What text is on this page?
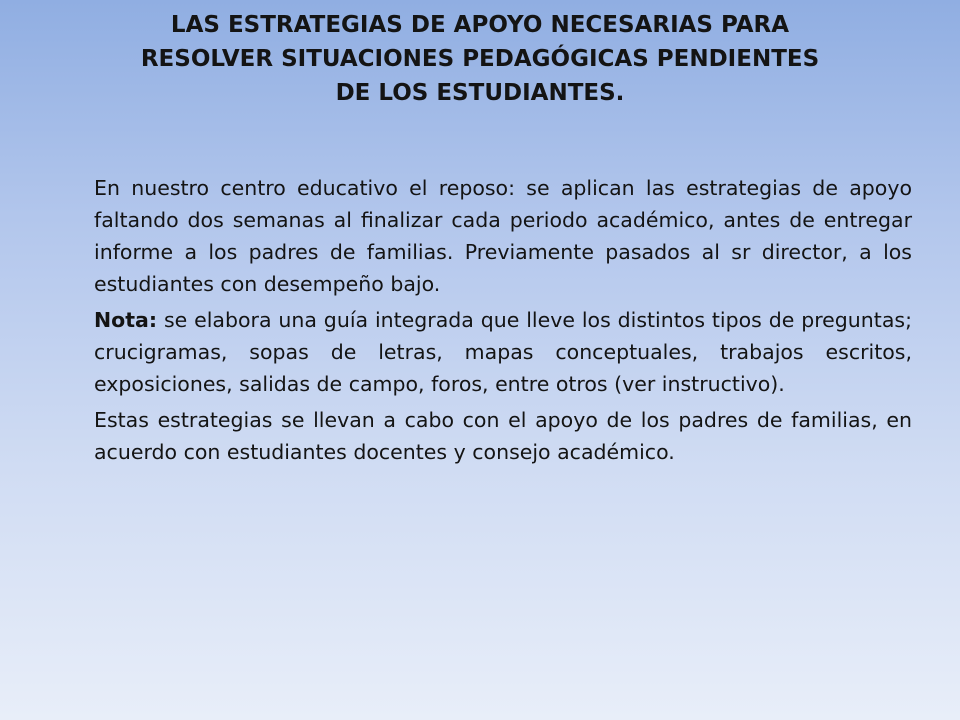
LAS ESTRATEGIAS DE APOYO NECESARIAS PARA
RESOLVER SITUACIONES PEDAGÓGICAS PENDIENTES
DE LOS ESTUDIANTES.

En nuestro centro educativo el reposo: se aplican las estrategias de apoyo faltando dos semanas al finalizar cada periodo académico, antes de entregar informe a los padres de familias. Previamente pasados al sr director, a los estudiantes con desempeño bajo.

Nota: se elabora una guía integrada que lleve los distintos tipos de preguntas; crucigramas, sopas de letras, mapas conceptuales, trabajos escritos, exposiciones, salidas de campo, foros, entre otros (ver instructivo).

Estas estrategias se llevan a cabo con el apoyo de los padres de familias, en acuerdo con estudiantes docentes y consejo académico.
